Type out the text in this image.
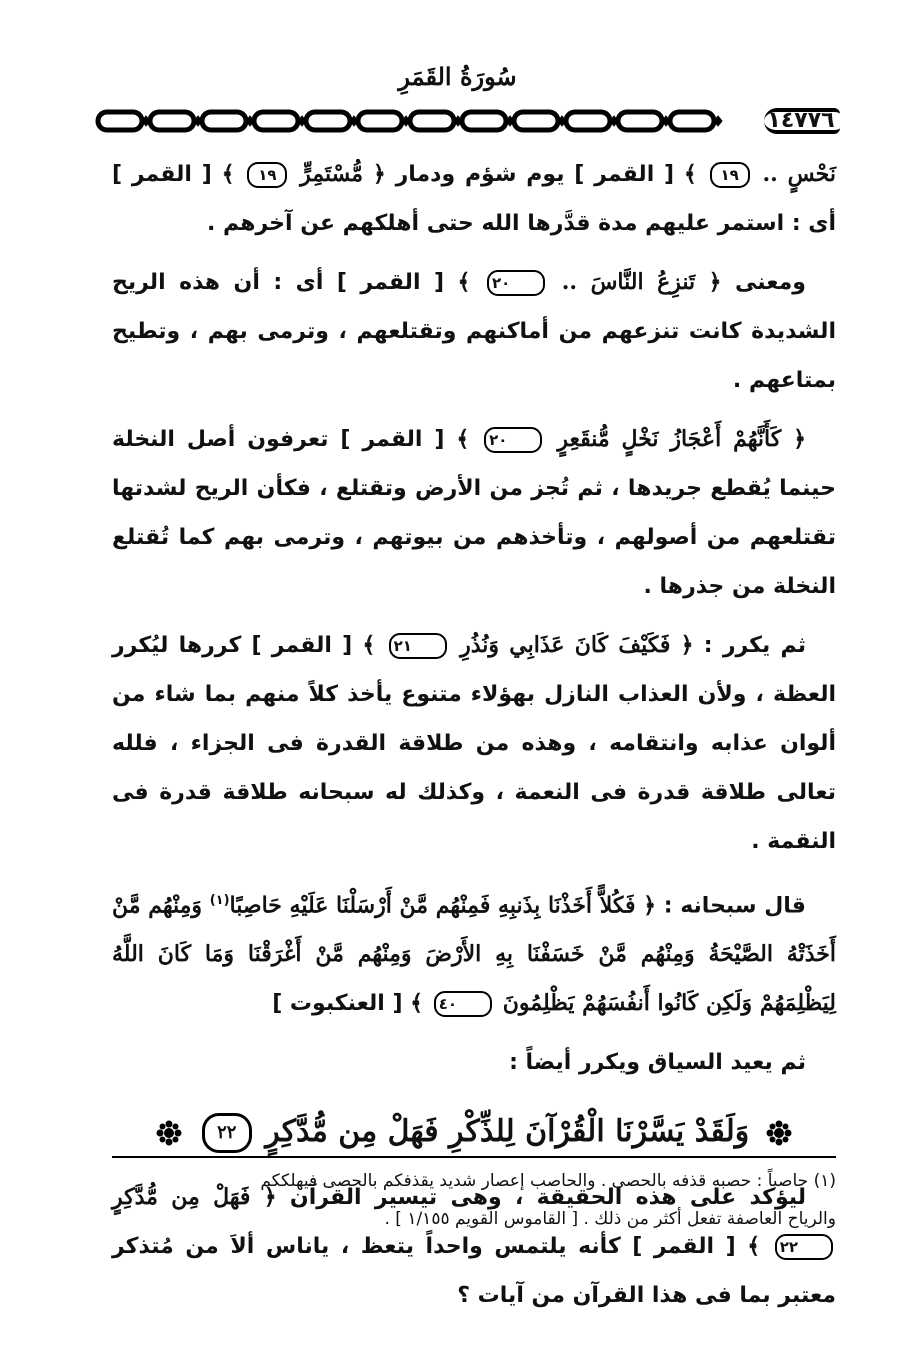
سُورَةُ القَمَرِ
١٤٧٧٦

نَحْسٍ .. ١٩ ﴾ [ القمر ] يوم شؤم ودمار ﴿ مُّسْتَمِرٍّ ١٩ ﴾ [ القمر ] أى : استمر عليهم مدة قدَّرها الله حتى أهلكهم عن آخرهم .

ومعنى ﴿ تَنزِعُ النَّاسَ .. ٢٠ ﴾ [ القمر ] أى : أن هذه الريح الشديدة كانت تنزعهم من أماكنهم وتقتلعهم ، وترمى بهم ، وتطيح بمتاعهم .

﴿ كَأَنَّهُمْ أَعْجَازُ نَخْلٍ مُّنقَعِرٍ ٢٠ ﴾ [ القمر ] تعرفون أصل النخلة حينما يُقطع جريدها ، ثم تُجز من الأرض وتقتلع ، فكأن الريح لشدتها تقتلعهم من أصولهم ، وتأخذهم من بيوتهم ، وترمى بهم كما تُقتلع النخلة من جذرها .

ثم يكرر : ﴿ فَكَيْفَ كَانَ عَذَابِي وَنُذُرِ ٢١ ﴾ [ القمر ] كررها ليُكرر العظة ، ولأن العذاب النازل بهؤلاء متنوع يأخذ كلاً منهم بما شاء من ألوان عذابه وانتقامه ، وهذه من طلاقة القدرة فى الجزاء ، فلله تعالى طلاقة قدرة فى النعمة ، وكذلك له سبحانه طلاقة قدرة فى النقمة .

قال سبحانه : ﴿ فَكُلاًّ أَخَذْنَا بِذَنبِهِ فَمِنْهُم مَّنْ أَرْسَلْنَا عَلَيْهِ حَاصِبًا$^{(١)}$ وَمِنْهُم مَّنْ أَخَذَتْهُ الصَّيْحَةُ وَمِنْهُم مَّنْ خَسَفْنَا بِهِ الأَرْضَ وَمِنْهُم مَّنْ أَغْرَقْنَا وَمَا كَانَ اللَّهُ لِيَظْلِمَهُمْ وَلَكِن كَانُوا أَنفُسَهُمْ يَظْلِمُونَ ٤٠ ﴾ [ العنكبوت ]

ثم يعيد السياق ويكرر أيضاً :

وَلَقَدْ يَسَّرْنَا الْقُرْآنَ لِلذِّكْرِ فَهَلْ مِن مُّدَّكِرٍ ٢٢

ليؤكد على هذه الحقيقة ، وهى تيسير القرآن ﴿ فَهَلْ مِن مُّدَّكِرٍ ٢٢ ﴾ [ القمر ] كأنه يلتمس واحداً يتعظ ، ياناس ألاَ من مُتذكر معتبر بما فى هذا القرآن من آيات ؟

(١) حاصباً : حصبه قذفه بالحصى . والحاصب إعصار شديد يقذفكم بالحصى فيهلككم
والرياح العاصفة تفعل أكثر من ذلك . [ القاموس القويم ١/١٥٥ ] .
